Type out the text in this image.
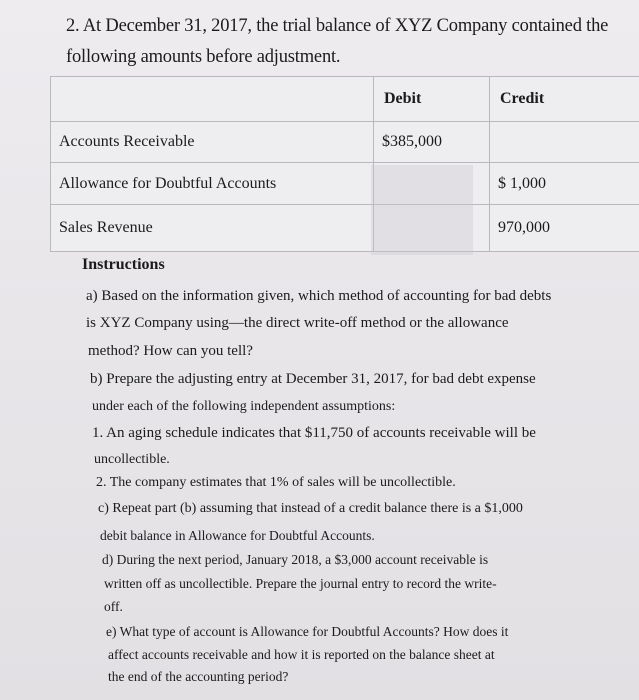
2. At December 31, 2017, the trial balance of XYZ Company contained the
following amounts before adjustment.
	Debit	Credit
Accounts Receivable	$385,000	
Allowance for Doubtful Accounts		$ 1,000
Sales Revenue		970,000
Instructions
a) Based on the information given, which method of accounting for bad debts
is XYZ Company using—the direct write-off method or the allowance
method? How can you tell?
b) Prepare the adjusting entry at December 31, 2017, for bad debt expense
under each of the following independent assumptions:
1. An aging schedule indicates that $11,750 of accounts receivable will be
uncollectible.
2. The company estimates that 1% of sales will be uncollectible.
c) Repeat part (b) assuming that instead of a credit balance there is a $1,000
debit balance in Allowance for Doubtful Accounts.
d) During the next period, January 2018, a $3,000 account receivable is
written off as uncollectible. Prepare the journal entry to record the write-
off.
e) What type of account is Allowance for Doubtful Accounts? How does it
affect accounts receivable and how it is reported on the balance sheet at
the end of the accounting period?
